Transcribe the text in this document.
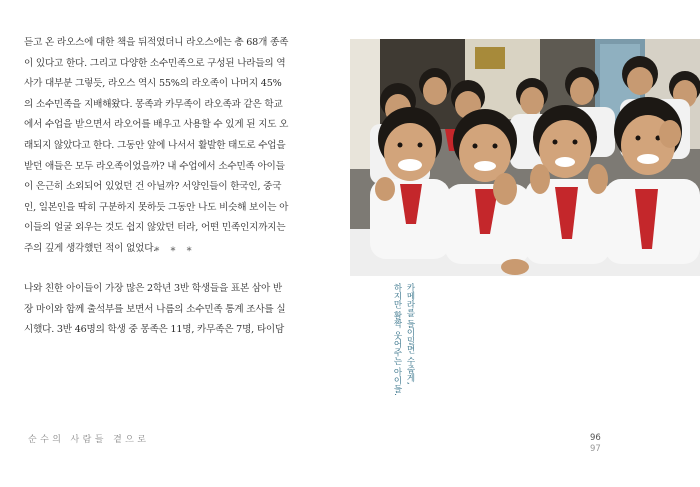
듣고 온 라오스에 대한 책을 뒤적였더니 라오스에는 총 68개 종족
이 있다고 한다. 그리고 다양한 소수민족으로 구성된 나라들의 역
사가 대부분 그렇듯, 라오스 역시 55%의 라오족이 나머지 45%
의 소수민족을 지배해왔다. 몽족과 카무족이 라오족과 같은 학교
에서 수업을 받으면서 라오어를 배우고 사용할 수 있게 된 지도 오
래되지 않았다고 한다. 그동안 앞에 나서서 활발한 태도로 수업을
받던 애들은 모두 라오족이었을까? 내 수업에서 소수민족 아이들
이 은근히 소외되어 있었던 건 아닐까? 서양인들이 한국인, 중국
인, 일본인을 딱히 구분하지 못하듯 그동안 나도 비슷해 보이는 아
이들의 얼굴 외우는 것도 쉽지 않았던 터라, 어떤 민족인지까지는
주의 깊게 생각했던 적이 없었다.
* * *
나와 친한 아이들이 가장 많은 2학년 3반 학생들을 표본 삼아 반
장 마이와 함께 출석부를 보면서 나름의 소수민족 통계 조사를 실
시했다. 3반 46명의 학생 중 몽족은 11명, 카무족은 7명, 타이담
순수의 사람들 곁으로	96
97
카메라를 들이밀면 수줍게,
하지만 활짝 웃어주는 아이들.
